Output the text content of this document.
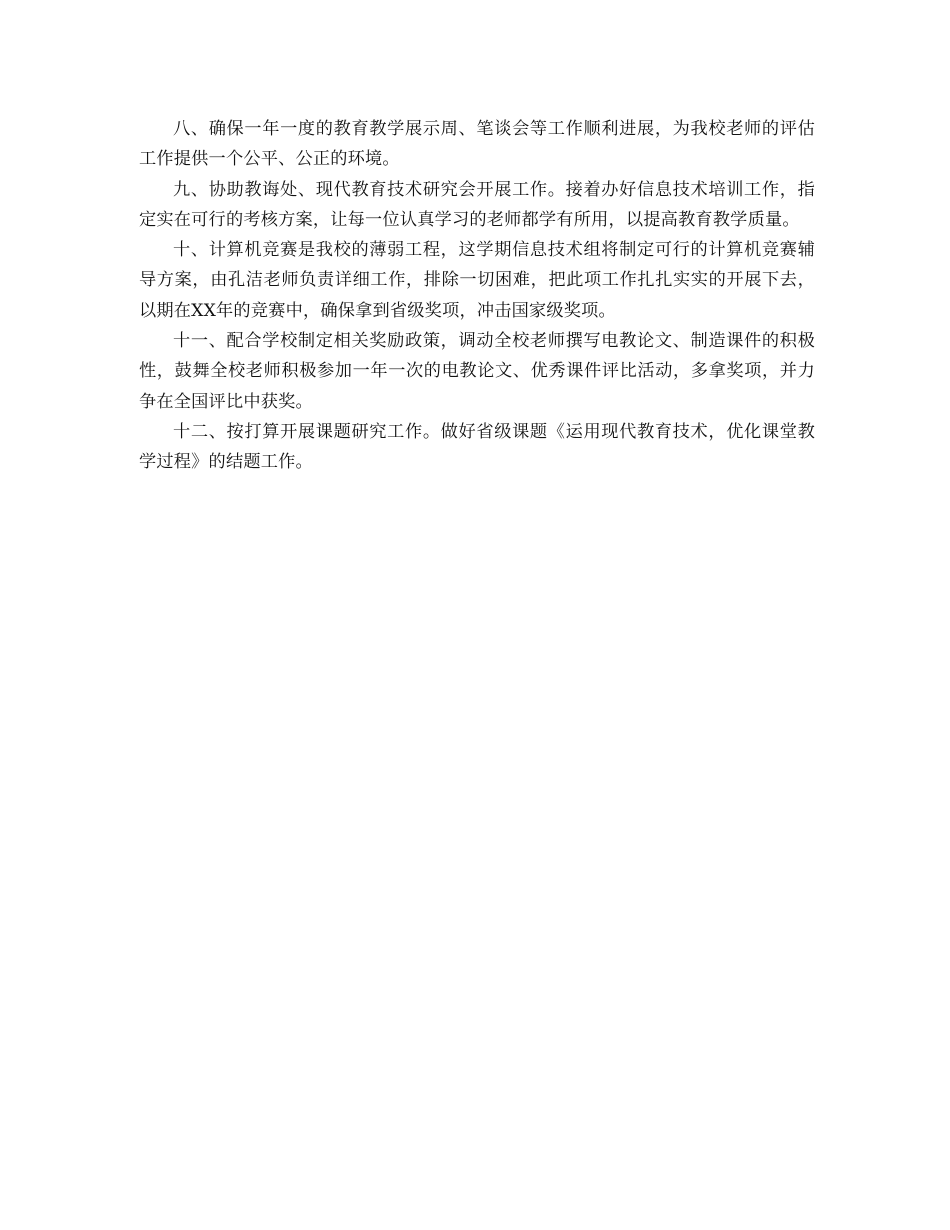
八、确保一年一度的教育教学展示周、笔谈会等工作顺利进展，为我校老师的评估工作提供一个公平、公正的环境。

九、协助教诲处、现代教育技术研究会开展工作。接着办好信息技术培训工作，指定实在可行的考核方案，让每一位认真学习的老师都学有所用，以提高教育教学质量。

十、计算机竞赛是我校的薄弱工程，这学期信息技术组将制定可行的计算机竞赛辅导方案，由孔洁老师负责详细工作，排除一切困难，把此项工作扎扎实实的开展下去，以期在XX年的竞赛中，确保拿到省级奖项，冲击国家级奖项。

十一、配合学校制定相关奖励政策，调动全校老师撰写电教论文、制造课件的积极性，鼓舞全校老师积极参加一年一次的电教论文、优秀课件评比活动，多拿奖项，并力争在全国评比中获奖。

十二、按打算开展课题研究工作。做好省级课题《运用现代教育技术，优化课堂教学过程》的结题工作。
